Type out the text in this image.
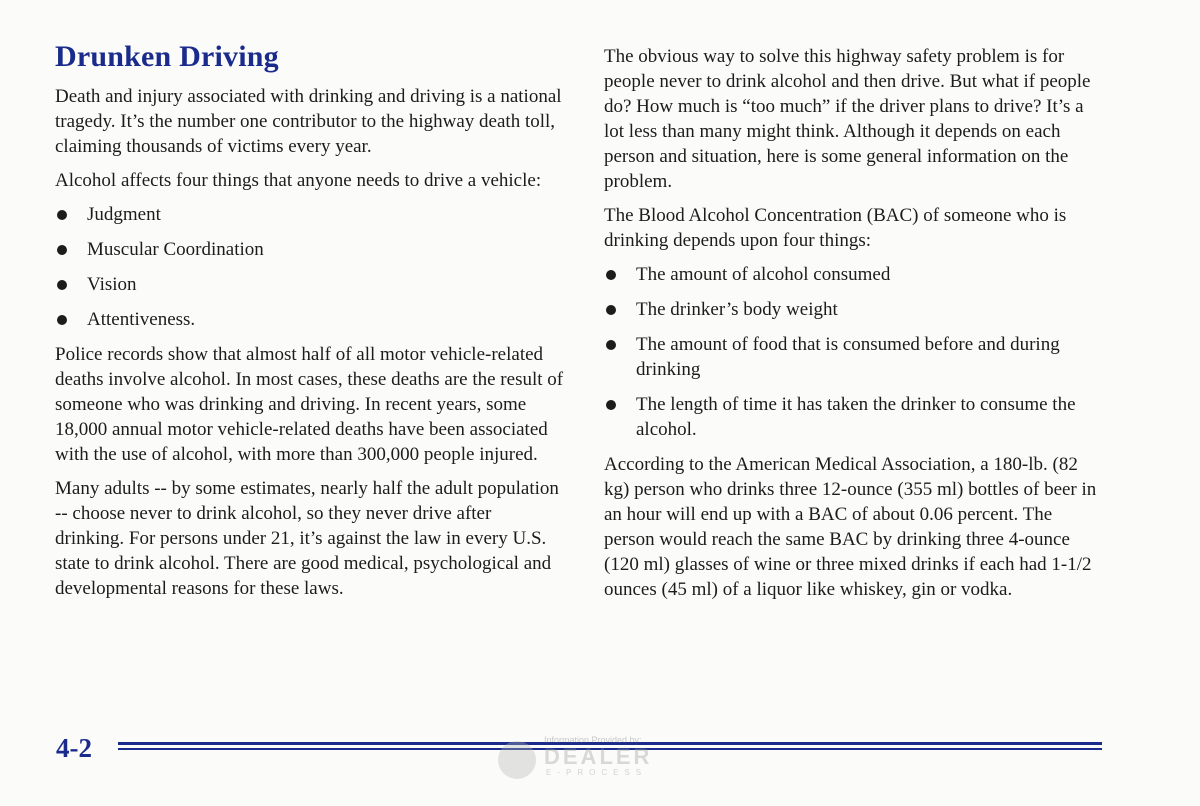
Drunken Driving

Death and injury associated with drinking and driving is a national tragedy. It’s the number one contributor to the highway death toll, claiming thousands of victims every year.

Alcohol affects four things that anyone needs to drive a vehicle:

Judgment
Muscular Coordination
Vision
Attentiveness.

Police records show that almost half of all motor vehicle-related deaths involve alcohol. In most cases, these deaths are the result of someone who was drinking and driving. In recent years, some 18,000 annual motor vehicle-related deaths have been associated with the use of alcohol, with more than 300,000 people injured.

Many adults -- by some estimates, nearly half the adult population -- choose never to drink alcohol, so they never drive after drinking. For persons under 21, it’s against the law in every U.S. state to drink alcohol. There are good medical, psychological and developmental reasons for these laws.

The obvious way to solve this highway safety problem is for people never to drink alcohol and then drive. But what if people do? How much is “too much” if the driver plans to drive? It’s a lot less than many might think. Although it depends on each person and situation, here is some general information on the problem.

The Blood Alcohol Concentration (BAC) of someone who is drinking depends upon four things:

The amount of alcohol consumed
The drinker’s body weight
The amount of food that is consumed before and during drinking
The length of time it has taken the drinker to consume the alcohol.

According to the American Medical Association, a 180-lb. (82 kg) person who drinks three 12-ounce (355 ml) bottles of beer in an hour will end up with a BAC of about 0.06 percent. The person would reach the same BAC by drinking three 4-ounce (120 ml) glasses of wine or three mixed drinks if each had 1-1/2 ounces (45 ml) of a liquor like whiskey, gin or vodka.

4-2	Information Provided by:
DEALER
E-PROCESS
